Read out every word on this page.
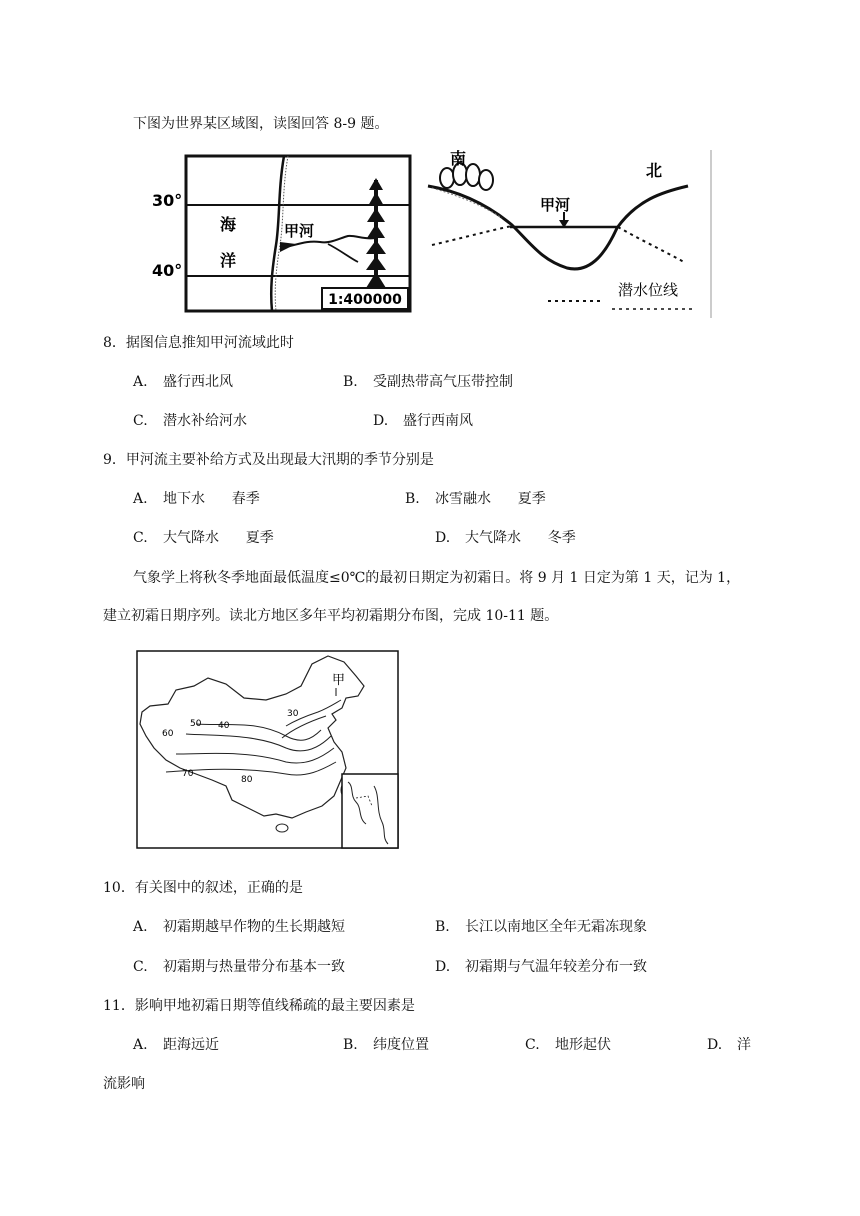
下图为世界某区域图，读图回答 8-9 题。
1:400000
30°
40°
海
洋
甲河
南
北
甲河
潜水位线
8．据图信息推知甲河流域此时
A. 盛行西北风	B. 受副热带高气压带控制
C. 潜水补给河水	D. 盛行西南风
9．甲河流主要补给方式及出现最大汛期的季节分别是
A. 地下水      春季	B. 冰雪融水      夏季
C. 大气降水      夏季	D. 大气降水      冬季
气象学上将秋冬季地面最低温度≤0℃的最初日期定为初霜日。将 9 月 1 日定为第 1 天，记为 1，
建立初霜日期序列。读北方地区多年平均初霜期分布图，完成 10-11 题。
甲
50 40
30
60
70
80
10．有关图中的叙述，正确的是
A. 初霜期越早作物的生长期越短	B. 长江以南地区全年无霜冻现象
C. 初霜期与热量带分布基本一致	D. 初霜期与气温年较差分布一致
11．影响甲地初霜日期等值线稀疏的最主要因素是
A. 距海远近	B. 纬度位置	C. 地形起伏	D. 洋
流影响
